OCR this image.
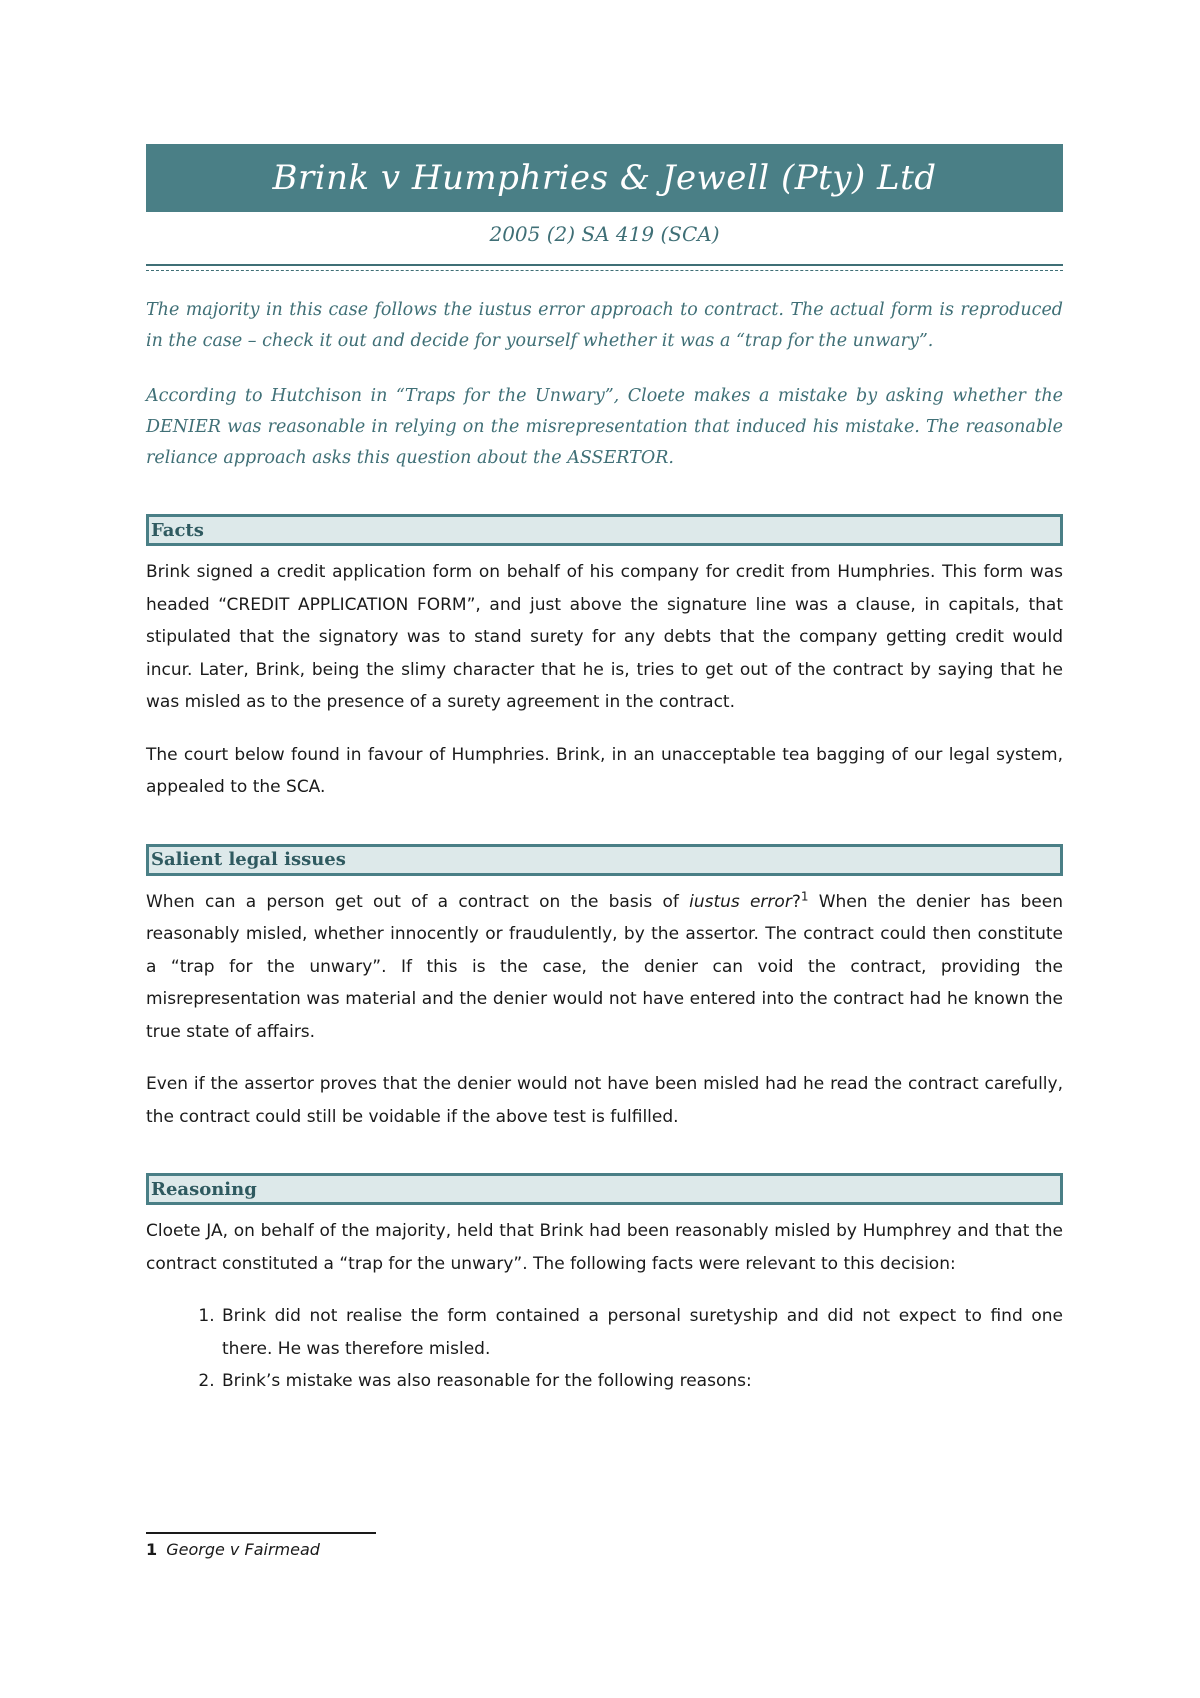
Brink v Humphries & Jewell (Pty) Ltd
2005 (2) SA 419 (SCA)

The majority in this case follows the iustus error approach to contract. The actual form is reproduced in the case – check it out and decide for yourself whether it was a “trap for the unwary”.

According to Hutchison in “Traps for the Unwary”, Cloete makes a mistake by asking whether the DENIER was reasonable in relying on the misrepresentation that induced his mistake. The reasonable reliance approach asks this question about the ASSERTOR.

Facts

Brink signed a credit application form on behalf of his company for credit from Humphries. This form was headed “CREDIT APPLICATION FORM”, and just above the signature line was a clause, in capitals, that stipulated that the signatory was to stand surety for any debts that the company getting credit would incur. Later, Brink, being the slimy character that he is, tries to get out of the contract by saying that he was misled as to the presence of a surety agreement in the contract.

The court below found in favour of Humphries. Brink, in an unacceptable tea bagging of our legal system, appealed to the SCA.

Salient legal issues

When can a person get out of a contract on the basis of iustus error?$^1$ When the denier has been reasonably misled, whether innocently or fraudulently, by the assertor. The contract could then constitute a “trap for the unwary”. If this is the case, the denier can void the contract, providing the misrepresentation was material and the denier would not have entered into the contract had he known the true state of affairs.

Even if the assertor proves that the denier would not have been misled had he read the contract carefully, the contract could still be voidable if the above test is fulfilled.

Reasoning

Cloete JA, on behalf of the majority, held that Brink had been reasonably misled by Humphrey and that the contract constituted a “trap for the unwary”. The following facts were relevant to this decision:

1. Brink did not realise the form contained a personal suretyship and did not expect to find one there. He was therefore misled.
2. Brink’s mistake was also reasonable for the following reasons:
1 George v Fairmead
